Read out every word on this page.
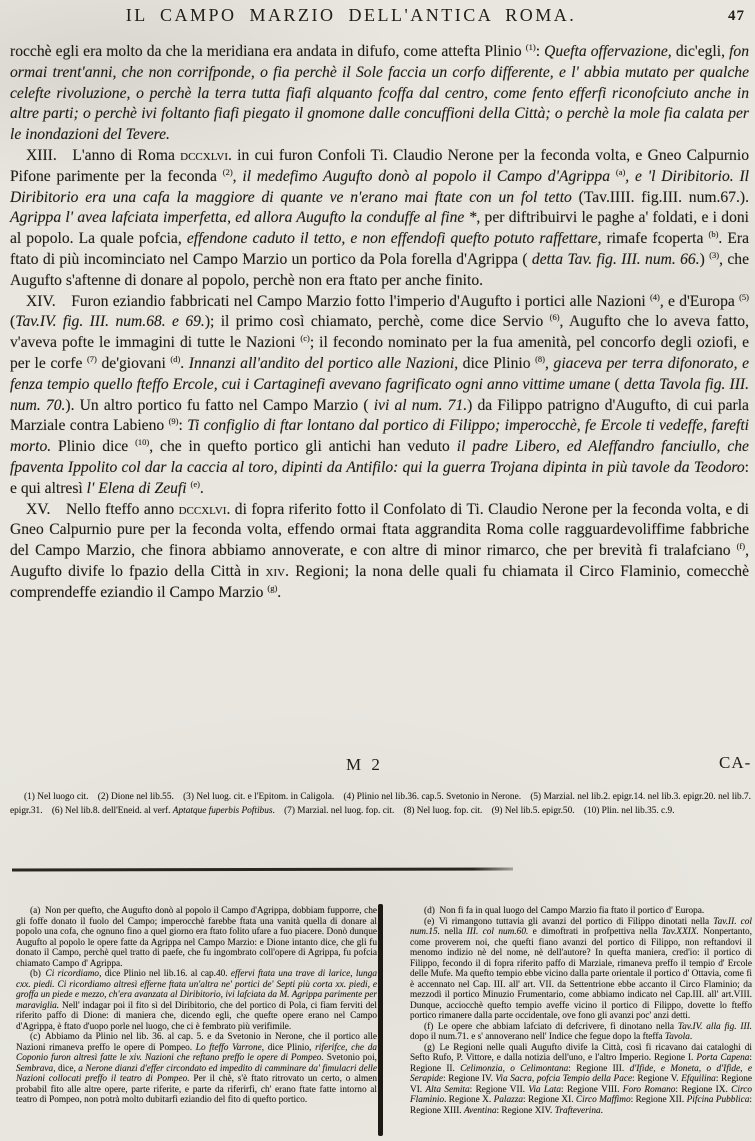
IL CAMPO MARZIO DELL'ANTICA ROMA.	47

rocchè egli era molto da che la meridiana era andata in difufo, come attefta Plinio $^{(1)}$: Quefta offervazione, dic'egli, fon ormai trent'anni, che non corrifponde, o fia perchè il Sole faccia un corfo differente, e l' abbia mutato per qualche celefte rivoluzione, o perchè la terra tutta fiafi alquanto fcoffa dal centro, come fento efferfi riconofciuto anche in altre parti; o perchè ivi foltanto fiafi piegato il gnomone dalle concuffioni della Città; o perchè la mole fia calata per le inondazioni del Tevere.

XIII.  L'anno di Roma dccxlvi. in cui furon Confoli Ti. Claudio Nerone per la feconda volta, e Gneo Calpurnio Pifone parimente per la feconda $^{(2)}$, il medefimo Augufto donò al popolo il Campo d'Agrippa $^{(a)}$, e 'l Diribitorio. Il Diribitorio era una cafa la maggiore di quante ve n'erano mai ftate con un fol tetto (Tav.IIII. fig.III. num.67.). Agrippa l' avea lafciata imperfetta, ed allora Augufto la conduffe al fine *, per diftribuirvi le paghe a' foldati, e i doni al popolo. La quale pofcia, effendone caduto il tetto, e non effendofi quefto potuto raffettare, rimafe fcoperta $^{(b)}$. Era ftato di più incominciato nel Campo Marzio un portico da Pola forella d'Agrippa ( detta Tav. fig. III. num. 66.) $^{(3)}$, che Augufto s'aftenne di donare al popolo, perchè non era ftato per anche finito.

XIV.  Furon eziandio fabbricati nel Campo Marzio fotto l'imperio d'Augufto i portici alle Nazioni $^{(4)}$, e d'Europa $^{(5)}$ (Tav.IV. fig. III. num.68. e 69.); il primo così chiamato, perchè, come dice Servio $^{(6)}$, Augufto che lo aveva fatto, v'aveva pofte le immagini di tutte le Nazioni $^{(c)}$; il fecondo nominato per la fua amenità, pel concorfo degli oziofi, e per le corfe $^{(7)}$ de'giovani $^{(d)}$. Innanzi all'andito del portico alle Nazioni, dice Plinio $^{(8)}$, giaceva per terra difonorato, e fenza tempio quello fteffo Ercole, cui i Cartaginefi avevano fagrificato ogni anno vittime umane ( detta Tavola fig. III. num. 70.). Un altro portico fu fatto nel Campo Marzio ( ivi al num. 71.) da Filippo patrigno d'Augufto, di cui parla Marziale contra Labieno $^{(9)}$: Ti configlio di ftar lontano dal portico di Filippo; imperocchè, fe Ercole ti vedeffe, farefti morto. Plinio dice $^{(10)}$, che in quefto portico gli antichi han veduto il padre Libero, ed Aleffandro fanciullo, che fpaventa Ippolito col dar la caccia al toro, dipinti da Antifilo: qui la guerra Trojana dipinta in più tavole da Teodoro: e qui altresì l' Elena di Zeufi $^{(e)}$.

XV.  Nello fteffo anno dccxlvi. di fopra riferito fotto il Confolato di Ti. Claudio Nerone per la feconda volta, e di Gneo Calpurnio pure per la feconda volta, effendo ormai ftata aggrandita Roma colle ragguardevoliffime fabbriche del Campo Marzio, che finora abbiamo annoverate, e con altre di minor rimarco, che per brevità fi tralafciano $^{(f)}$, Augufto divife lo fpazio della Città in xiv. Regioni; la nona delle quali fu chiamata il Circo Flaminio, comecchè comprendeffe eziandio il Campo Marzio $^{(g)}$.

M 2	CA-
(1) Nel luogo cit.  (2) Dione nel lib.55.  (3) Nel luog. cit. e l'Epitom. in Caligola.  (4) Plinio nel lib.36. cap.5. Svetonio in Nerone.  (5) Marzial. nel lib.2. epigr.14. nel lib.3. epigr.20. nel lib.7. epigr.31.  (6) Nel lib.8. dell'Eneid. al verf. Aptatque fuperbis Poftibus.  (7) Marzial. nel luog. fop. cit.  (8) Nel luog. fop. cit.  (9) Nel lib.5. epigr.50.  (10) Plin. nel lib.35. c.9.

(a) Non per quefto, che Augufto donò al popolo il Campo d'Agrippa, dobbiam fupporre, che gli foffe donato il fuolo del Campo; imperocchè farebbe ftata una vanità quella di donare al popolo una cofa, che ognuno fino a quel giorno era ftato folito ufare a fuo piacere. Donò dunque Augufto al popolo le opere fatte da Agrippa nel Campo Marzio: e Dione intanto dice, che gli fu donato il Campo, perchè quel tratto di paefe, che fu ingombrato coll'opere di Agrippa, fu pofcia chiamato Campo d' Agrippa.

(b) Ci ricordiamo, dice Plinio nel lib.16. al cap.40. effervi ftata una trave di larice, lunga cxx. piedi. Ci ricordiamo altresì efferne ftata un'altra ne' portici de' Septi più corta xx. piedi, e groffa un piede e mezzo, ch'era avanzata al Diribitorio, ivi lafciata da M. Agrippa parimente per maraviglia. Nell' indagar poi il fito sì del Diribitorio, che del portico di Pola, ci fiam ferviti del riferito paffo di Dione: di maniera che, dicendo egli, che quefte opere erano nel Campo d'Agrippa, è ftato d'uopo porle nel luogo, che ci è fembrato più verifimile.

(c) Abbiamo da Plinio nel lib. 36. al cap. 5. e da Svetonio in Nerone, che il portico alle Nazioni rimaneva preffo le opere di Pompeo. Lo fteffo Varrone, dice Plinio, riferifce, che da Coponio furon altresì fatte le xiv. Nazioni che reftano preffo le opere di Pompeo. Svetonio poi, Sembrava, dice, a Nerone dianzi d'effer circondato ed impedito di camminare da' fimulacri delle Nazioni collocati preffo il teatro di Pompeo. Per il chè, s'è ftato ritrovato un certo, o almen probabil fito alle altre opere, parte riferite, e parte da riferirfi, ch' erano ftate fatte intorno al teatro di Pompeo, non potrà molto dubitarfi eziandio del fito di quefto portico.

(d) Non fi fa in qual luogo del Campo Marzio fia ftato il portico d' Europa.

(e) Vi rimangono tuttavia gli avanzi del portico di Filippo dinotati nella Tav.II. col num.15. nella III. col num.60. e dimoftrati in profpettiva nella Tav.XXIX. Nonpertanto, come proverem noi, che quefti fiano avanzi del portico di Filippo, non reftandovi il menomo indizio nè del nome, nè dell'autore? In quefta maniera, cred'io: il portico di Filippo, fecondo il di fopra riferito paffo di Marziale, rimaneva preffo il tempio d' Ercole delle Mufe. Ma quefto tempio ebbe vicino dalla parte orientale il portico d' Ottavia, come fi è accennato nel Cap. III. all' art. VII. da Settentrione ebbe accanto il Circo Flaminio; da mezzodì il portico Minuzio Frumentario, come abbiamo indicato nel Cap.III. all' art.VIII. Dunque, acciocchè quefto tempio aveffe vicino il portico di Filippo, dovette lo fteffo portico rimanere dalla parte occidentale, ove fono gli avanzi poc' anzi detti.

(f) Le opere che abbiam lafciato di defcrivere, fi dinotano nella Tav.IV. alla fig. III. dopo il num.71. e s' annoverano nell' Indice che fegue dopo la fteffa Tavola.

(g) Le Regioni nelle quali Augufto divife la Città, così fi ricavano dai cataloghi di Sefto Rufo, P. Vittore, e dalla notizia dell'uno, e l'altro Imperio. Regione I. Porta Capena: Regione II. Celimonzia, o Celimontana: Regione III. d'Ifide, e Moneta, o d'Ifide, e Serapide: Regione IV. Via Sacra, pofcia Tempio della Pace: Regione V. Efquilina: Regione VI. Alta Semita: Regione VII. Via Lata: Regione VIII. Foro Romano: Regione IX. Circo Flaminio. Regione X. Palazza: Regione XI. Circo Maffimo: Regione XII. Pifcina Pubblica: Regione XIII. Aventina: Regione XIV. Trafteverina.
